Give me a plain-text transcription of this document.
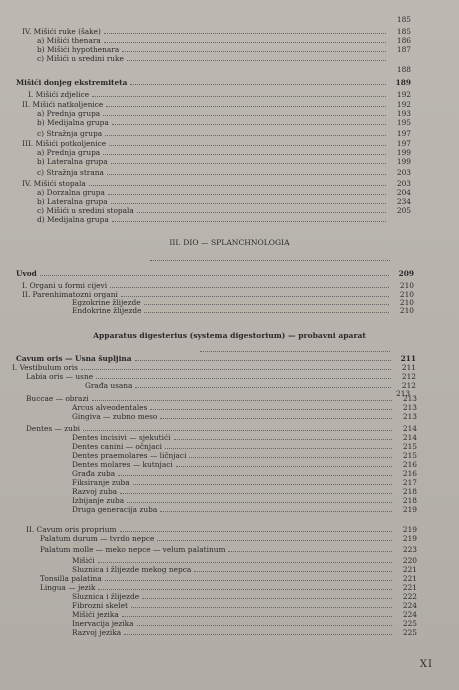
185
IV. Mišići ruke (šake)	185
a) Mišići thenara	186
b) Mišići hypothenara	187
c) Mišići u sredini ruke
188
Mišići donjeg ekstremiteta	189
I. Mišići zdjelice	192
II. Mišići natkoljenice	192
a) Prednja grupa	193
b) Medijalna grupa	195
c) Stražnja grupa	197
III. Mišići potkoljenice	197
a) Prednja grupa	199
b) Lateralna grupa	199
c) Stražnja strana	203
IV. Mišići stopala	203
a) Dorzalna grupa	204
b) Lateralna grupa	234
c) Mišići u sredini stopala	205
d) Medijalna grupa
Uvod	209
I. Organi u formi cijevi	210
II. Parenhimatozni organi	210
Egzokrine žlijezde	210
Endokrine žlijezde	210
Cavum oris — Usna šupljina	211
I. Vestibulum oris	211
Labia oris — usne	212
Građa usana	212
Buccae — obrazi	213
Arcus alveodentales	213
Gingiva — zubno meso	213
Dentes — zubi	214
Dentes incisivi — sjekutići	214
Dentes canini — očnjaci	215
Dentes praemolares — ličnjaci	215
Dentes molares — kutnjaci	216
Građa zuba	216
Fiksiranje zuba	217
Razvoj zuba	218
Izbijanje zuba	218
Druga generacija zuba	219
II. Cavum oris proprium	219
Palatum durum — tvrdo nepce	219
Palatum molle — meko nepce — velum palatinum	223
Mišići	220
Sluznica i žlijezde mekog nepca	221
Tonsilla palatina	221
Lingua — jezik	221
Sluznica i žlijezde	222
Fibrozni skelet	224
Mišići jezika	224
Inervacija jezika	225
Razvoj jezika	225
III. DIO — SPLANCHNOLOGIA
Apparatus digesterius (systema digestorium) — probavni aparat
213
XI
